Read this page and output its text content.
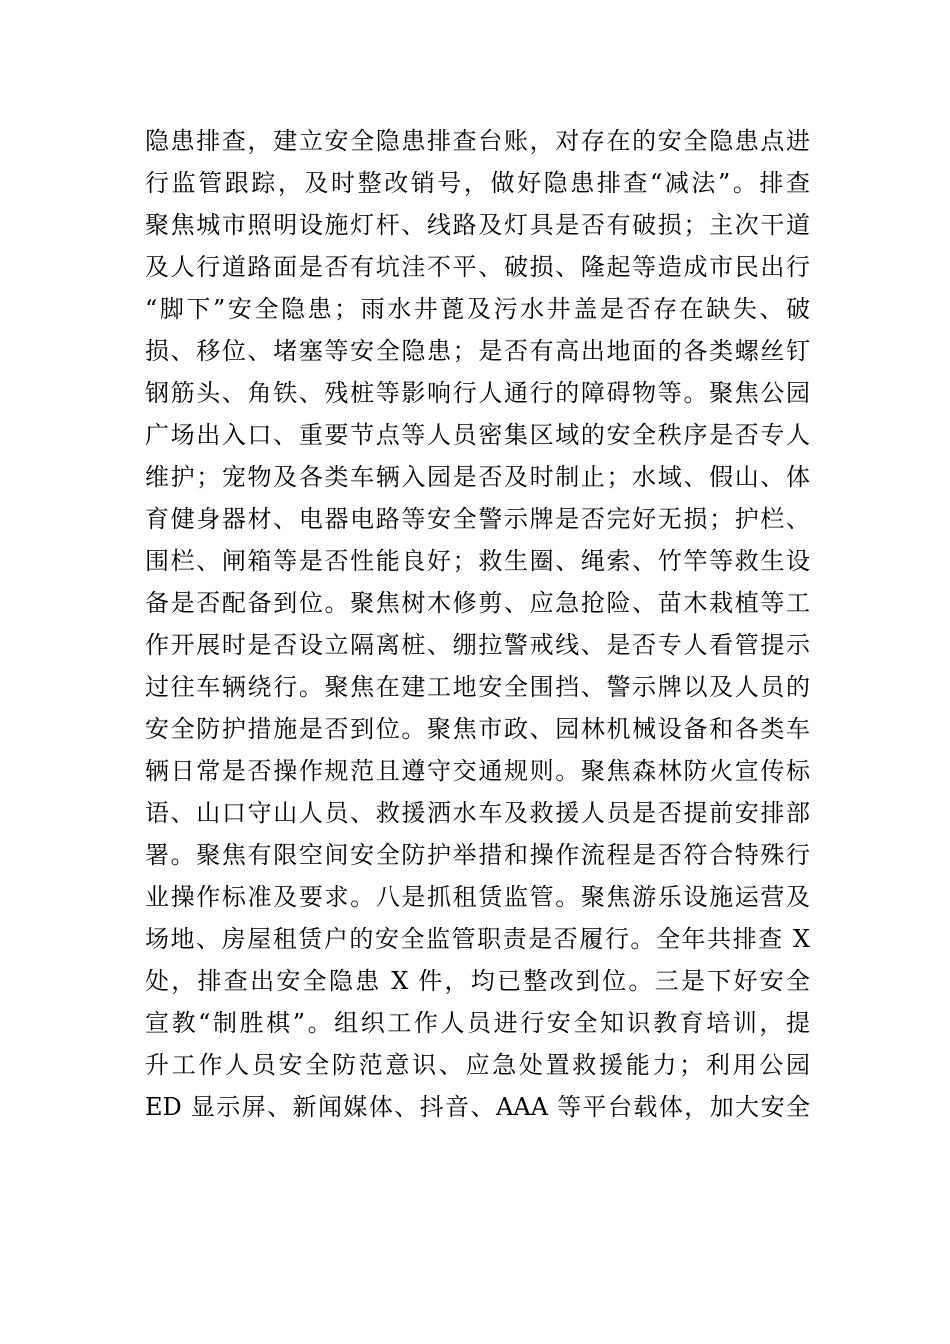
隐患排查，建立安全隐患排查台账，对存在的安全隐患点进
行监管跟踪，及时整改销号，做好隐患排查“减法”。排查
聚焦城市照明设施灯杆、线路及灯具是否有破损；主次干道
及人行道路面是否有坑洼不平、破损、隆起等造成市民出行
“脚下”安全隐患；雨水井蓖及污水井盖是否存在缺失、破
损、移位、堵塞等安全隐患；是否有高出地面的各类螺丝钉
钢筋头、角铁、残桩等影响行人通行的障碍物等。聚焦公园
广场出入口、重要节点等人员密集区域的安全秩序是否专人
维护；宠物及各类车辆入园是否及时制止；水域、假山、体
育健身器材、电器电路等安全警示牌是否完好无损；护栏、
围栏、闸箱等是否性能良好；救生圈、绳索、竹竿等救生设
备是否配备到位。聚焦树木修剪、应急抢险、苗木栽植等工
作开展时是否设立隔离桩、绷拉警戒线、是否专人看管提示
过往车辆绕行。聚焦在建工地安全围挡、警示牌以及人员的
安全防护措施是否到位。聚焦市政、园林机械设备和各类车
辆日常是否操作规范且遵守交通规则。聚焦森林防火宣传标
语、山口守山人员、救援洒水车及救援人员是否提前安排部
署。聚焦有限空间安全防护举措和操作流程是否符合特殊行
业操作标准及要求。八是抓租赁监管。聚焦游乐设施运营及
场地、房屋租赁户的安全监管职责是否履行。全年共排查 X
处，排查出安全隐患 X 件，均已整改到位。三是下好安全
宣教“制胜棋”。组织工作人员进行安全知识教育培训，提
升工作人员安全防范意识、应急处置救援能力；利用公园
ED 显示屏、新闻媒体、抖音、AAA 等平台载体，加大安全
